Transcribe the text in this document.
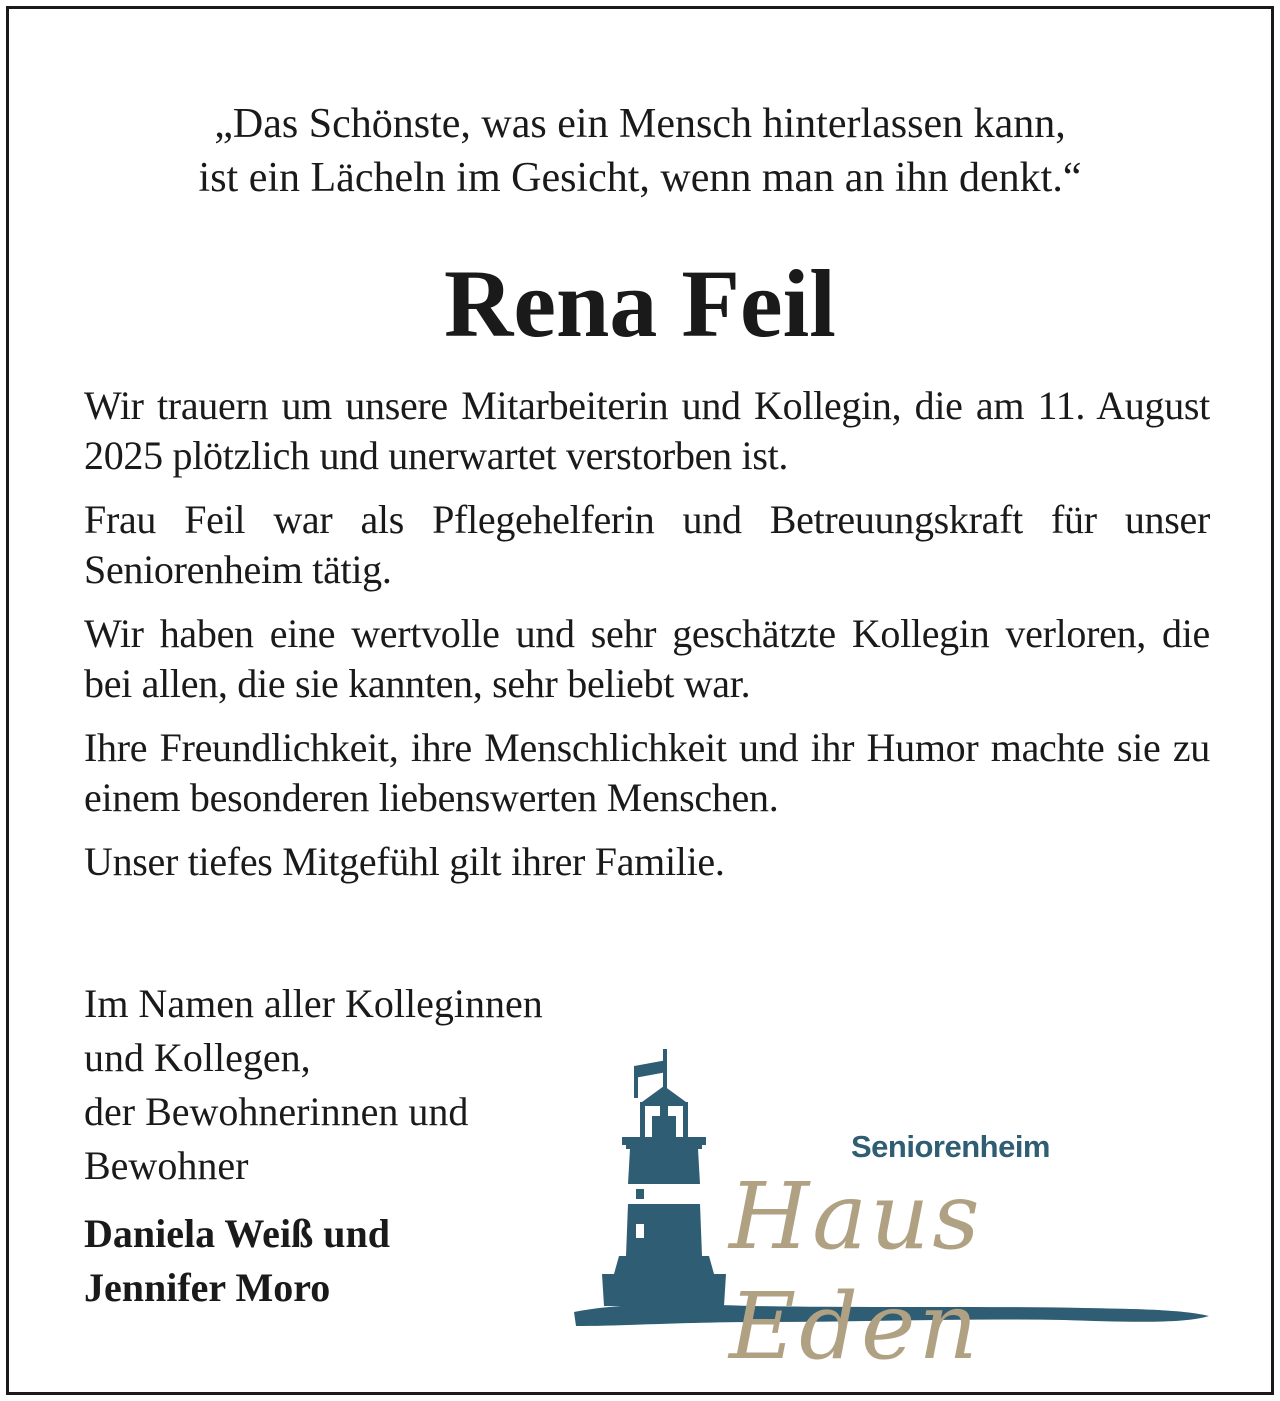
„Das Schönste, was ein Mensch hinterlassen kann,
ist ein Lächeln im Gesicht, wenn man an ihn denkt.“
Rena Feil

Wir trauern um unsere Mitarbeiterin und Kollegin, die am 11. August 2025 plötzlich und unerwartet verstorben ist.

Frau Feil war als Pflegehelferin und Betreuungskraft für unser Seniorenheim tätig.

Wir haben eine wertvolle und sehr geschätzte Kollegin verloren, die bei allen, die sie kannten, sehr beliebt war.

Ihre Freundlichkeit, ihre Menschlichkeit und ihr Humor machte sie zu einem besonderen liebenswerten Menschen.

Unser tiefes Mitgefühl gilt ihrer Familie.

Im Namen aller Kolleginnen
und Kollegen,
der Bewohnerinnen und
Bewohner
Daniela Weiß und
Jennifer Moro
Seniorenheim
Haus Eden
